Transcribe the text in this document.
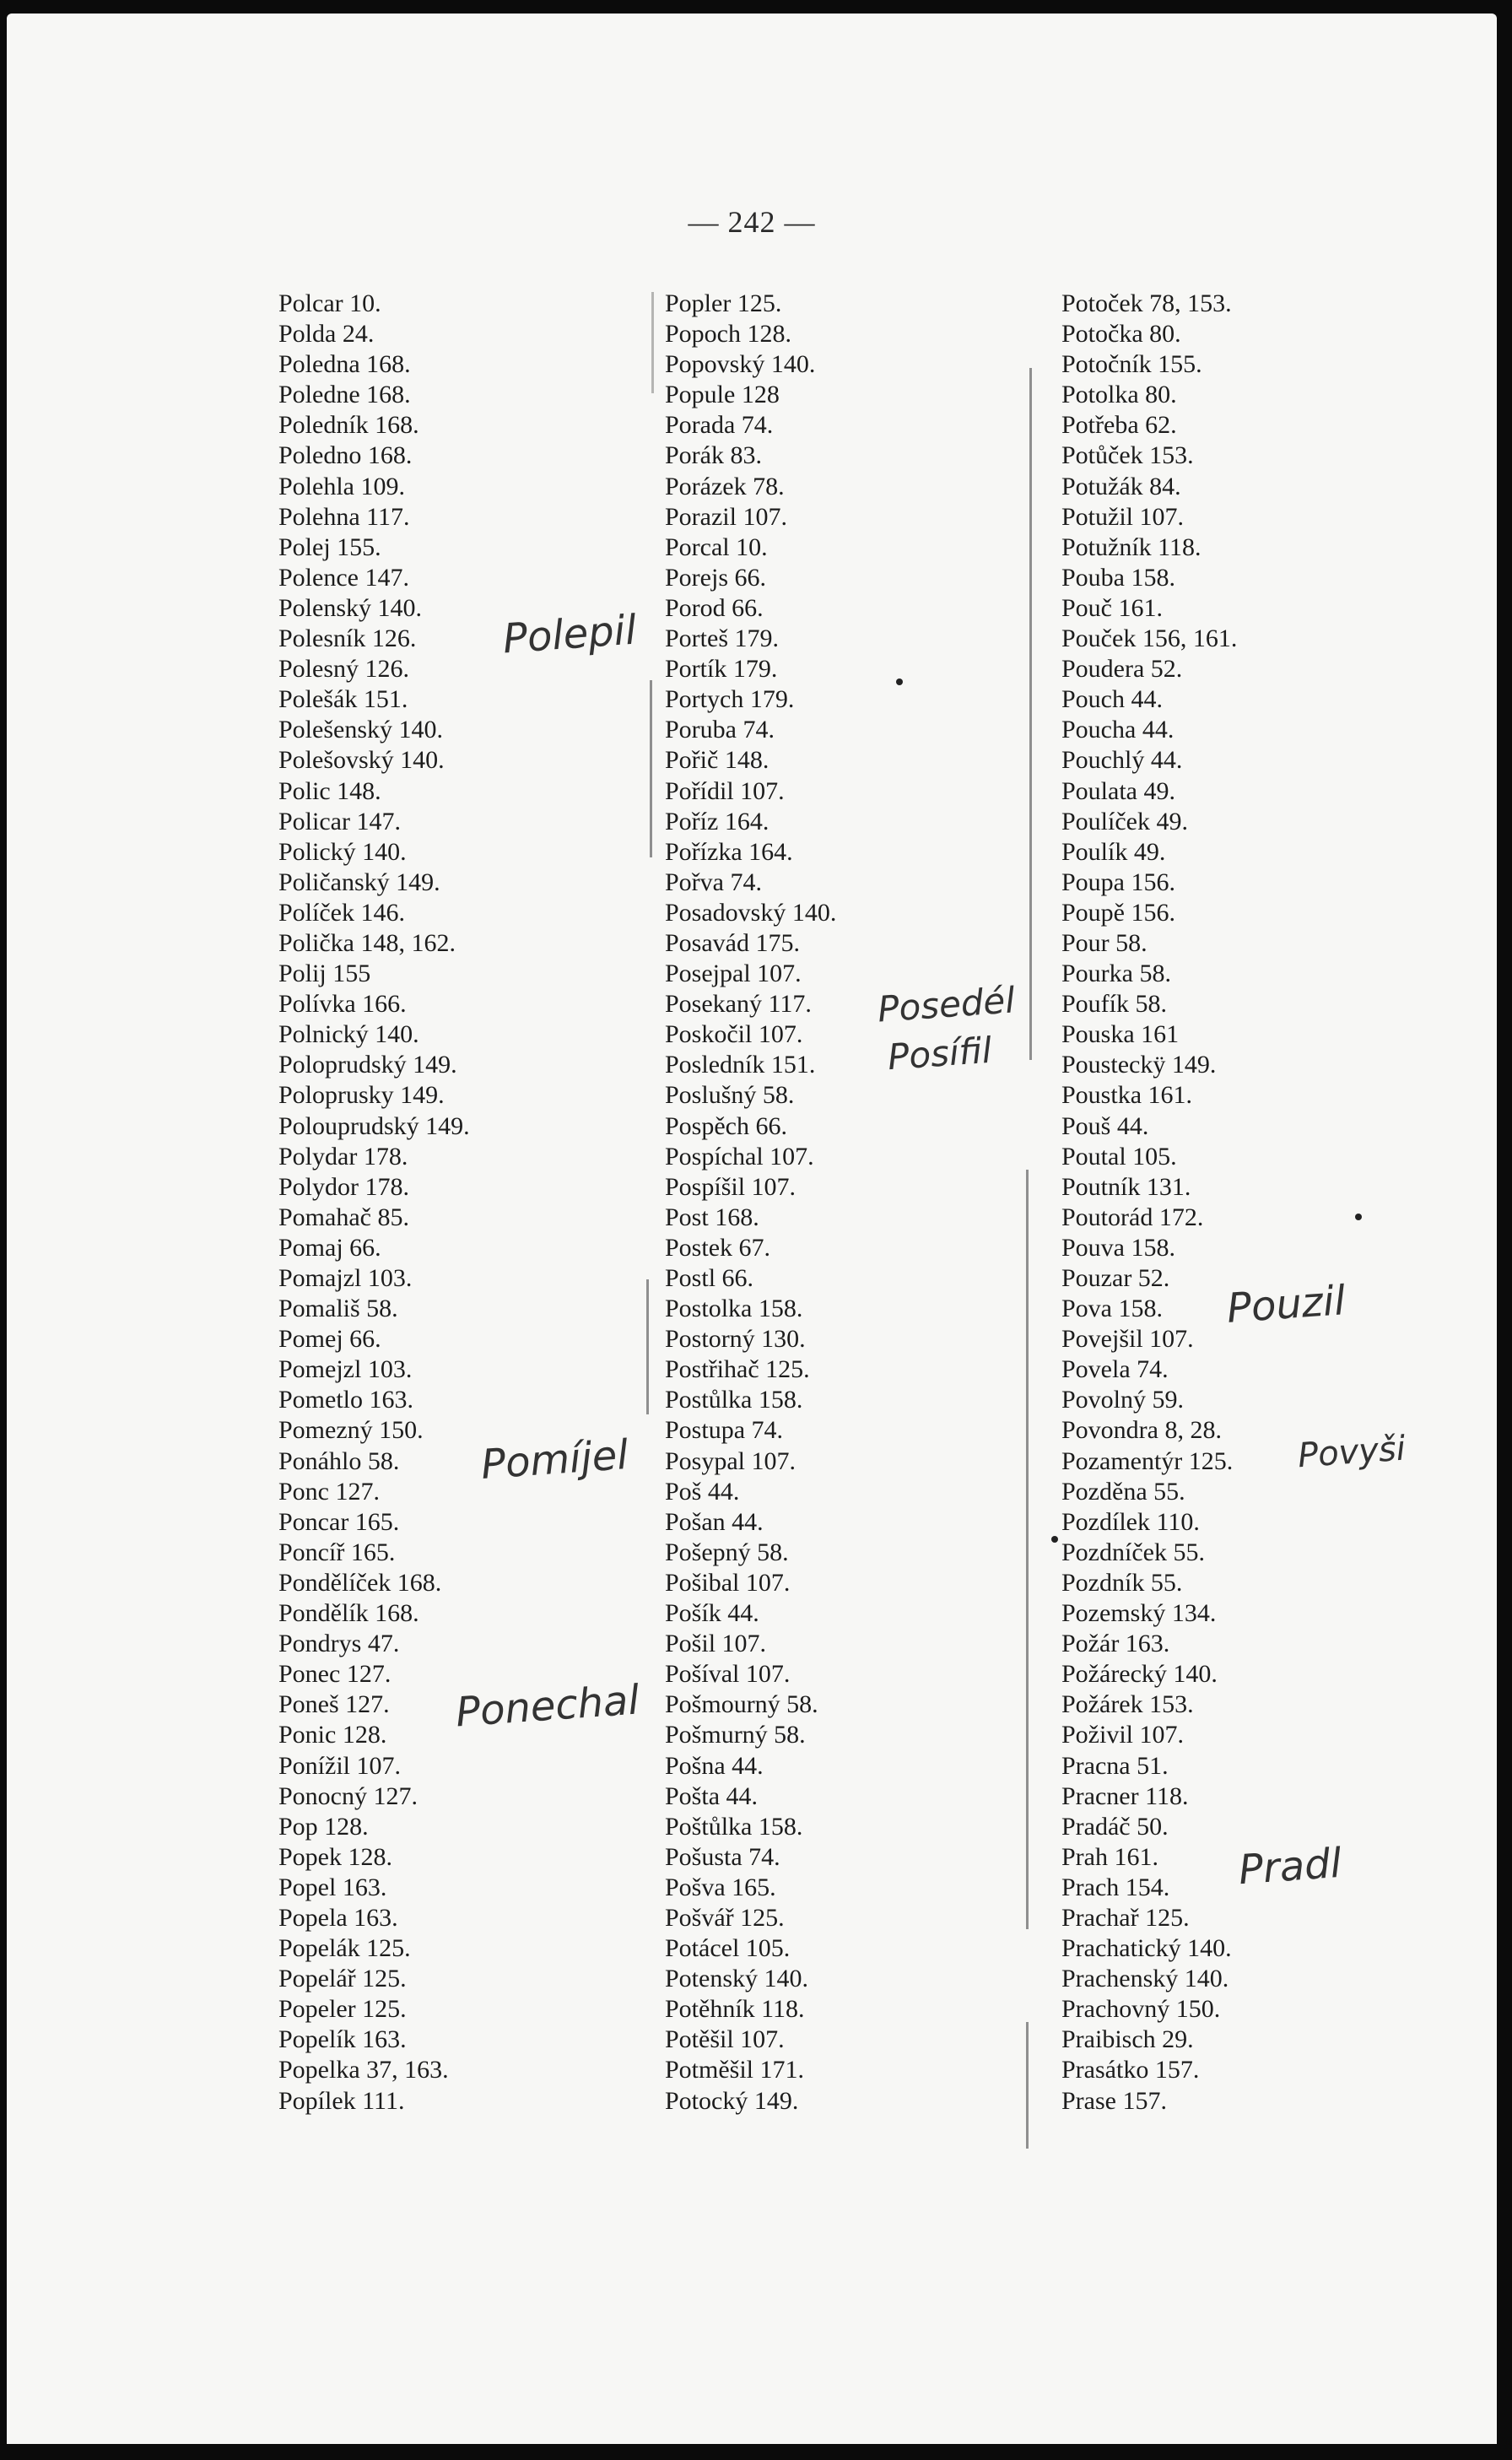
— 242 —
Polcar 10.
Polda 24.
Poledna 168.
Poledne 168.
Poledník 168.
Poledno 168.
Polehla 109.
Polehna 117.
Polej 155.
Polence 147.
Polenský 140.
Polesník 126.
Polesný 126.
Polešák 151.
Polešenský 140.
Polešovský 140.
Polic 148.
Policar 147.
Polický 140.
Poličanský 149.
Políček 146.
Polička 148, 162.
Polij 155
Polívka 166.
Polnický 140.
Poloprudský 149.
Poloprusky 149.
Polouprudský 149.
Polydar 178.
Polydor 178.
Pomahač 85.
Pomaj 66.
Pomajzl 103.
Pomališ 58.
Pomej 66.
Pomejzl 103.
Pometlo 163.
Pomezný 150.
Ponáhlo 58.
Ponc 127.
Poncar 165.
Poncíř 165.
Pondělíček 168.
Pondělík 168.
Pondrys 47.
Ponec 127.
Poneš 127.
Ponic 128.
Ponížil 107.
Ponocný 127.
Pop 128.
Popek 128.
Popel 163.
Popela 163.
Popelák 125.
Popelář 125.
Popeler 125.
Popelík 163.
Popelka 37, 163.
Popílek 111.
Popler 125.
Popoch 128.
Popovský 140.
Popule 128
Porada 74.
Porák 83.
Porázek 78.
Porazil 107.
Porcal 10.
Porejs 66.
Porod 66.
Porteš 179.
Portík 179.
Portych 179.
Poruba 74.
Pořič 148.
Pořídil 107.
Poříz 164.
Pořízka 164.
Pořva 74.
Posadovský 140.
Posavád 175.
Posejpal 107.
Posekaný 117.
Poskočil 107.
Posledník 151.
Poslušný 58.
Pospěch 66.
Pospíchal 107.
Pospíšil 107.
Post 168.
Postek 67.
Postl 66.
Postolka 158.
Postorný 130.
Postřihač 125.
Postůlka 158.
Postupa 74.
Posypal 107.
Poš 44.
Pošan 44.
Pošepný 58.
Pošibal 107.
Pošík 44.
Pošil 107.
Pošíval 107.
Pošmourný 58.
Pošmurný 58.
Pošna 44.
Pošta 44.
Poštůlka 158.
Pošusta 74.
Pošva 165.
Pošvář 125.
Potácel 105.
Potenský 140.
Potěhník 118.
Potěšil 107.
Potměšil 171.
Potocký 149.
Potoček 78, 153.
Potočka 80.
Potočník 155.
Potolka 80.
Potřeba 62.
Potůček 153.
Potužák 84.
Potužil 107.
Potužník 118.
Pouba 158.
Pouč 161.
Pouček 156, 161.
Poudera 52.
Pouch 44.
Poucha 44.
Pouchlý 44.
Poulata 49.
Poulíček 49.
Poulík 49.
Poupa 156.
Poupě 156.
Pour 58.
Pourka 58.
Poufík 58.
Pouska 161
Pousteckÿ 149.
Poustka 161.
Pouš 44.
Poutal 105.
Poutník 131.
Poutorád 172.
Pouva 158.
Pouzar 52.
Pova 158.
Povejšil 107.
Povela 74.
Povolný 59.
Povondra 8, 28.
Pozamentýr 125.
Pozděna 55.
Pozdílek 110.
Pozdníček 55.
Pozdník 55.
Pozemský 134.
Požár 163.
Požárecký 140.
Požárek 153.
Poživil 107.
Pracna 51.
Pracner 118.
Pradáč 50.
Prah 161.
Prach 154.
Prachař 125.
Prachatický 140.
Prachenský 140.
Prachovný 150.
Praibisch 29.
Prasátko 157.
Prase 157.
Polepil
Pomíjel
Ponechal
Posedél
Posífil
Pouzil
Povyši
Pradl
